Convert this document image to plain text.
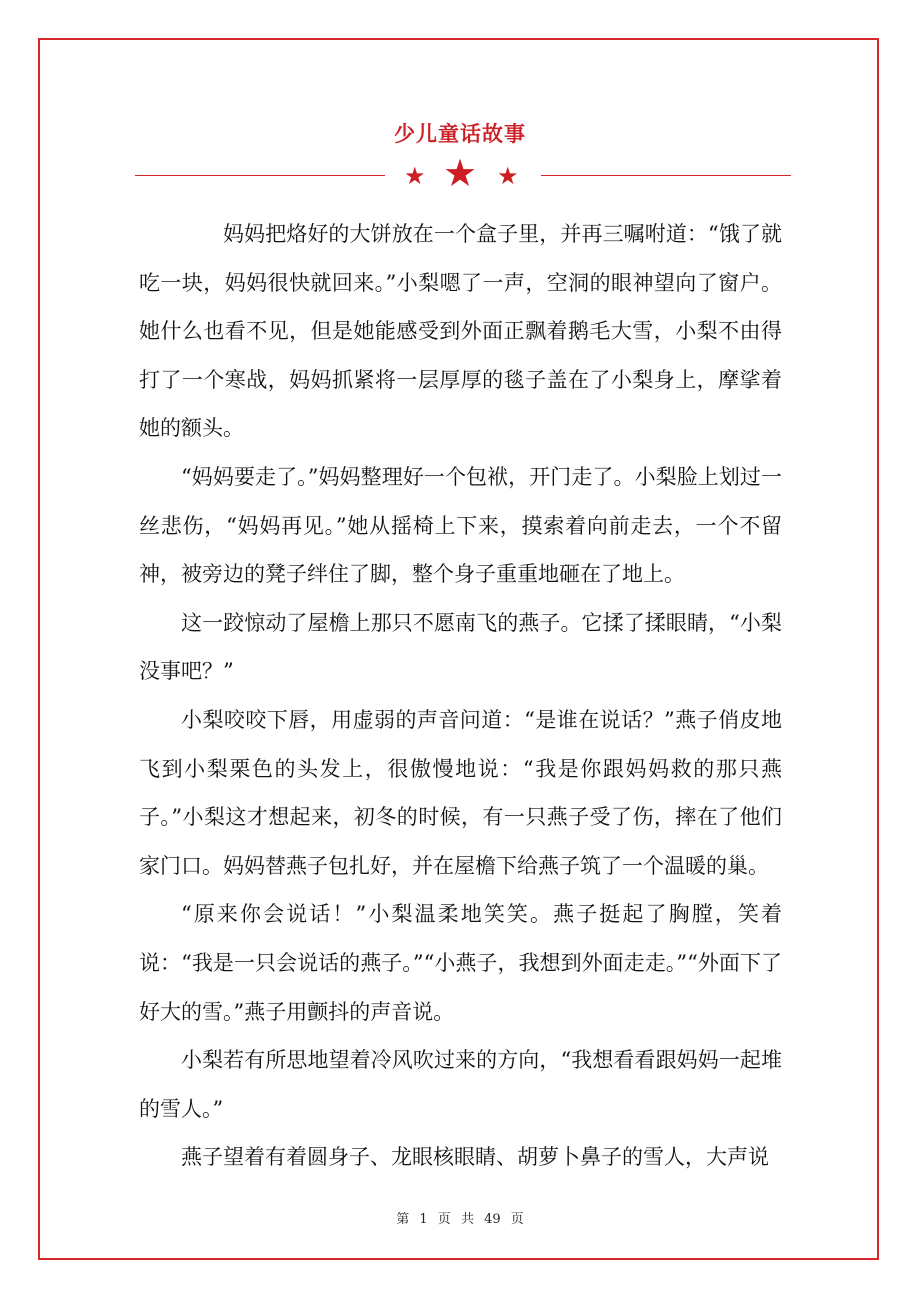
少儿童话故事
★ ★ ★

妈妈把烙好的大饼放在一个盒子里，并再三嘱咐道：“饿了就吃一块，妈妈很快就回来。”小梨嗯了一声，空洞的眼神望向了窗户。她什么也看不见，但是她能感受到外面正飘着鹅毛大雪，小梨不由得打了一个寒战，妈妈抓紧将一层厚厚的毯子盖在了小梨身上，摩挲着她的额头。

“妈妈要走了。”妈妈整理好一个包袱，开门走了。小梨脸上划过一丝悲伤，“妈妈再见。”她从摇椅上下来，摸索着向前走去，一个不留神，被旁边的凳子绊住了脚，整个身子重重地砸在了地上。

这一跤惊动了屋檐上那只不愿南飞的燕子。它揉了揉眼睛，“小梨没事吧？”

小梨咬咬下唇，用虚弱的声音问道：“是谁在说话？”燕子俏皮地飞到小梨栗色的头发上，很傲慢地说：“我是你跟妈妈救的那只燕子。”小梨这才想起来，初冬的时候，有一只燕子受了伤，摔在了他们家门口。妈妈替燕子包扎好，并在屋檐下给燕子筑了一个温暖的巢。

“原来你会说话！”小梨温柔地笑笑。燕子挺起了胸膛，笑着说：“我是一只会说话的燕子。”“小燕子，我想到外面走走。”“外面下了好大的雪。”燕子用颤抖的声音说。

小梨若有所思地望着冷风吹过来的方向，“我想看看跟妈妈一起堆的雪人。”

燕子望着有着圆身子、龙眼核眼睛、胡萝卜鼻子的雪人，大声说

第 1 页 共 49 页
